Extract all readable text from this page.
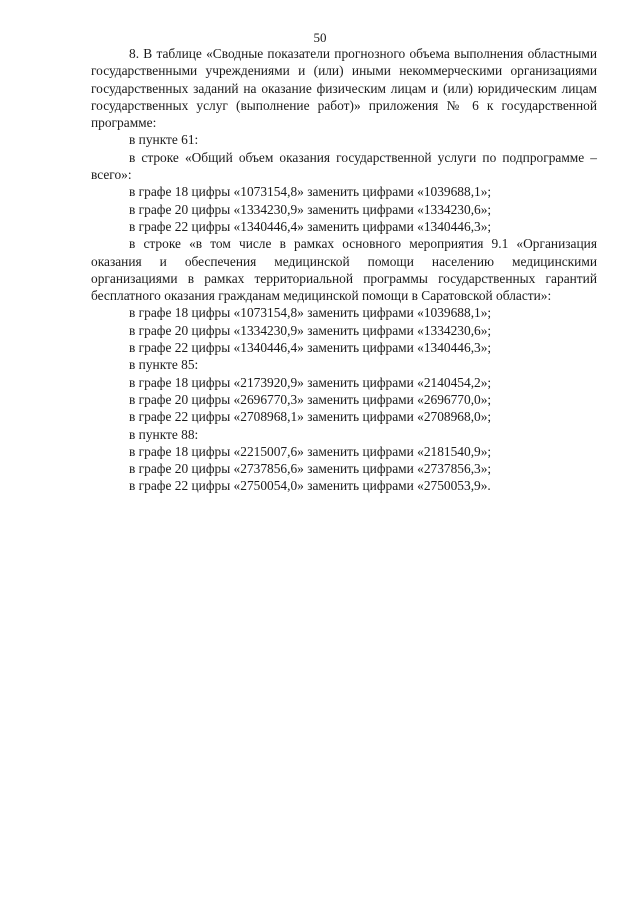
50

8. В таблице «Сводные показатели прогнозного объема выполнения областными государственными учреждениями и (или) иными некоммерческими организациями государственных заданий на оказание физическим лицам и (или) юридическим лицам государственных услуг (выполнение работ)» приложения № 6 к государственной программе:

в пункте 61:

в строке «Общий объем оказания государственной услуги по подпрограмме – всего»:

в графе 18 цифры «1073154,8» заменить цифрами «1039688,1»;

в графе 20 цифры «1334230,9» заменить цифрами «1334230,6»;

в графе 22 цифры «1340446,4» заменить цифрами «1340446,3»;

в строке «в том числе в рамках основного мероприятия 9.1 «Организация оказания и обеспечения медицинской помощи населению медицинскими организациями в рамках территориальной программы государственных гарантий бесплатного оказания гражданам медицинской помощи в Саратовской области»:

в графе 18 цифры «1073154,8» заменить цифрами «1039688,1»;

в графе 20 цифры «1334230,9» заменить цифрами «1334230,6»;

в графе 22 цифры «1340446,4» заменить цифрами «1340446,3»;

в пункте 85:

в графе 18 цифры «2173920,9» заменить цифрами «2140454,2»;

в графе 20 цифры «2696770,3» заменить цифрами «2696770,0»;

в графе 22 цифры «2708968,1» заменить цифрами «2708968,0»;

в пункте 88:

в графе 18 цифры «2215007,6» заменить цифрами «2181540,9»;

в графе 20 цифры «2737856,6» заменить цифрами «2737856,3»;

в графе 22 цифры «2750054,0» заменить цифрами «2750053,9».
